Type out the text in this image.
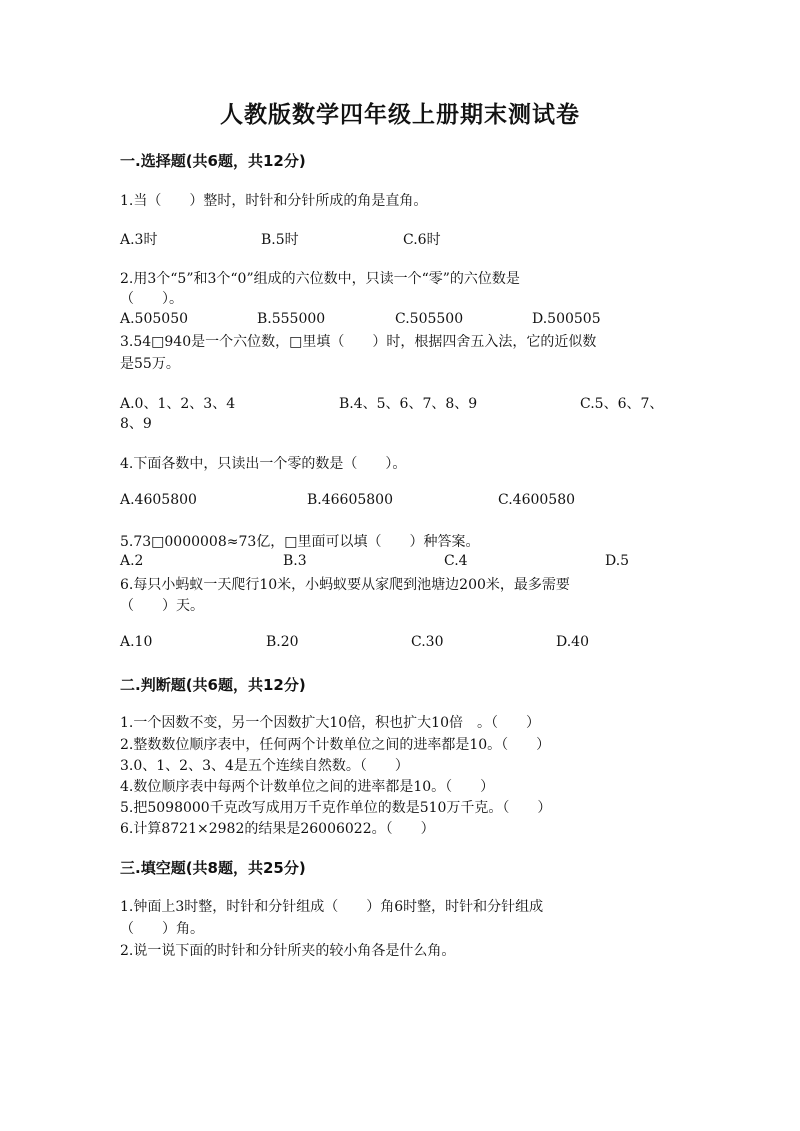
人教版数学四年级上册期末测试卷
一.选择题(共6题，共12分)
1.当（　　）整时，时针和分针所成的角是直角。
A.3时	B.5时	C.6时
2.用3个“5”和3个“0”组成的六位数中，只读一个“零”的六位数是
（　　）。
A.505050	B.555000	C.505500	D.500505
3.54□940是一个六位数，□里填（　　）时，根据四舍五入法，它的近似数
是55万。
A.0、1、2、3、4	B.4、5、6、7、8、9	C.5、6、7、
8、9
4.下面各数中，只读出一个零的数是（　　）。
A.4605800	B.46605800	C.4600580
5.73□0000008≈73亿，□里面可以填（　　）种答案。
A.2	B.3	C.4	D.5
6.每只小蚂蚁一天爬行10米，小蚂蚁要从家爬到池塘边200米，最多需要
（　　）天。
A.10	B.20	C.30	D.40
二.判断题(共6题，共12分)
1.一个因数不变，另一个因数扩大10倍，积也扩大10倍　。（　　）
2.整数数位顺序表中，任何两个计数单位之间的进率都是10。（　　）
3.0、1、2、3、4是五个连续自然数。（　　）
4.数位顺序表中每两个计数单位之间的进率都是10。（　　）
5.把5098000千克改写成用万千克作单位的数是510万千克。（　　）
6.计算8721×2982的结果是26006022。（　　）
三.填空题(共8题，共25分)
1.钟面上3时整，时针和分针组成（　　）角6时整，时针和分针组成
（　　）角。
2.说一说下面的时针和分针所夹的较小角各是什么角。
